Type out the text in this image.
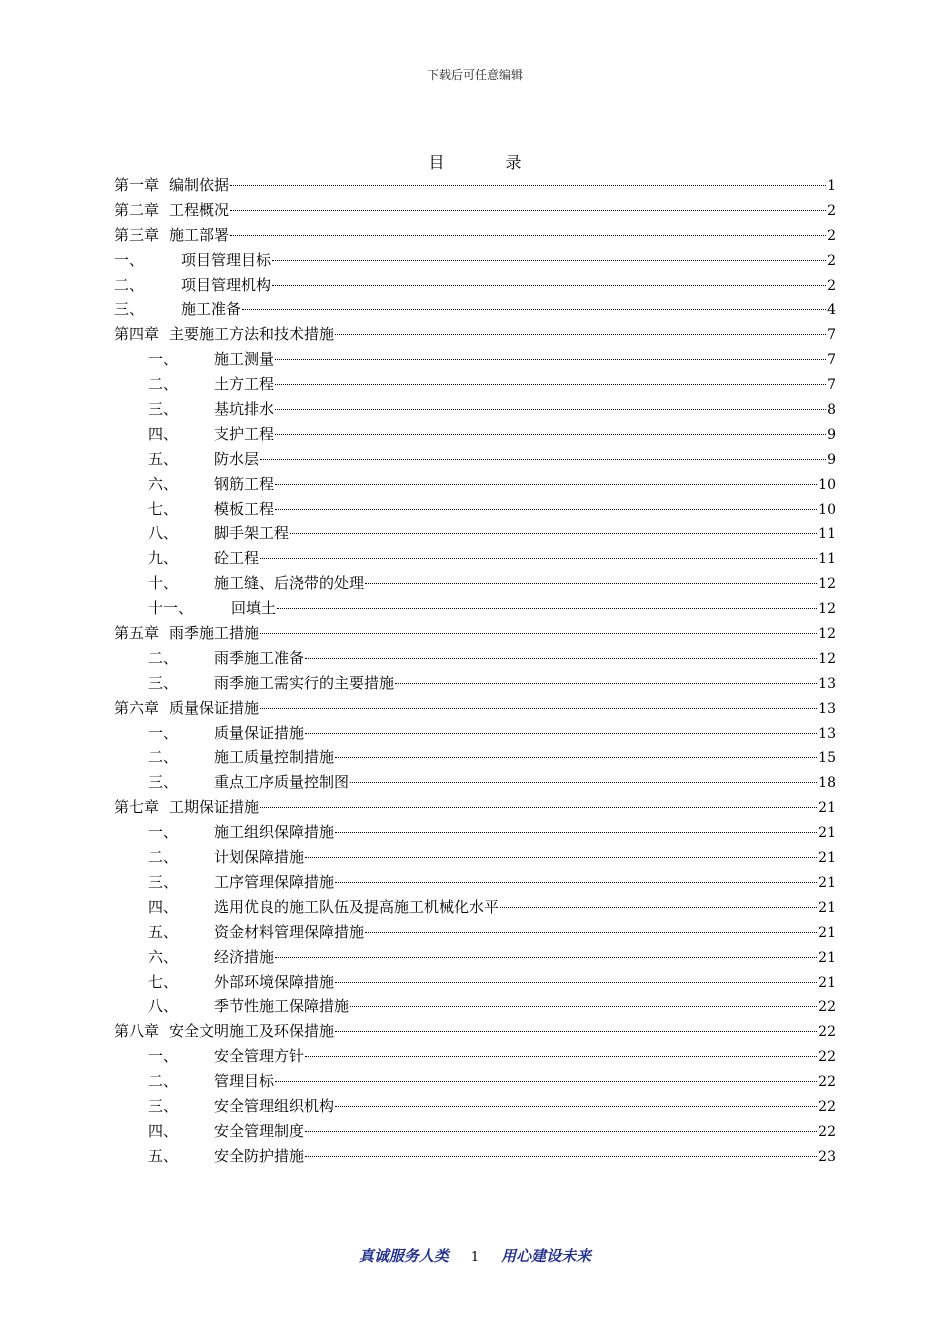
下载后可任意编辑
目 录
第一章 编制依据	1
第二章 工程概况	2
第三章 施工部署	2
一、	项目管理目标	2
二、	项目管理机构	2
三、	施工准备	4
第四章 主要施工方法和技术措施	7
一、	施工测量	7
二、	土方工程	7
三、	基坑排水	8
四、	支护工程	9
五、	防水层	9
六、	钢筋工程	10
七、	模板工程	10
八、	脚手架工程	11
九、	砼工程	11
十、	施工缝、后浇带的处理	12
十一、	回填土	12
第五章 雨季施工措施	12
二、	雨季施工准备	12
三、	雨季施工需实行的主要措施	13
第六章 质量保证措施	13
一、	质量保证措施	13
二、	施工质量控制措施	15
三、	重点工序质量控制图	18
第七章 工期保证措施	21
一、	施工组织保障措施	21
二、	计划保障措施	21
三、	工序管理保障措施	21
四、	选用优良的施工队伍及提高施工机械化水平	21
五、	资金材料管理保障措施	21
六、	经济措施	21
七、	外部环境保障措施	21
八、	季节性施工保障措施	22
第八章 安全文明施工及环保措施	22
一、	安全管理方针	22
二、	管理目标	22
三、	安全管理组织机构	22
四、	安全管理制度	22
五、	安全防护措施	23
真诚服务人类 1 用心建设未来
